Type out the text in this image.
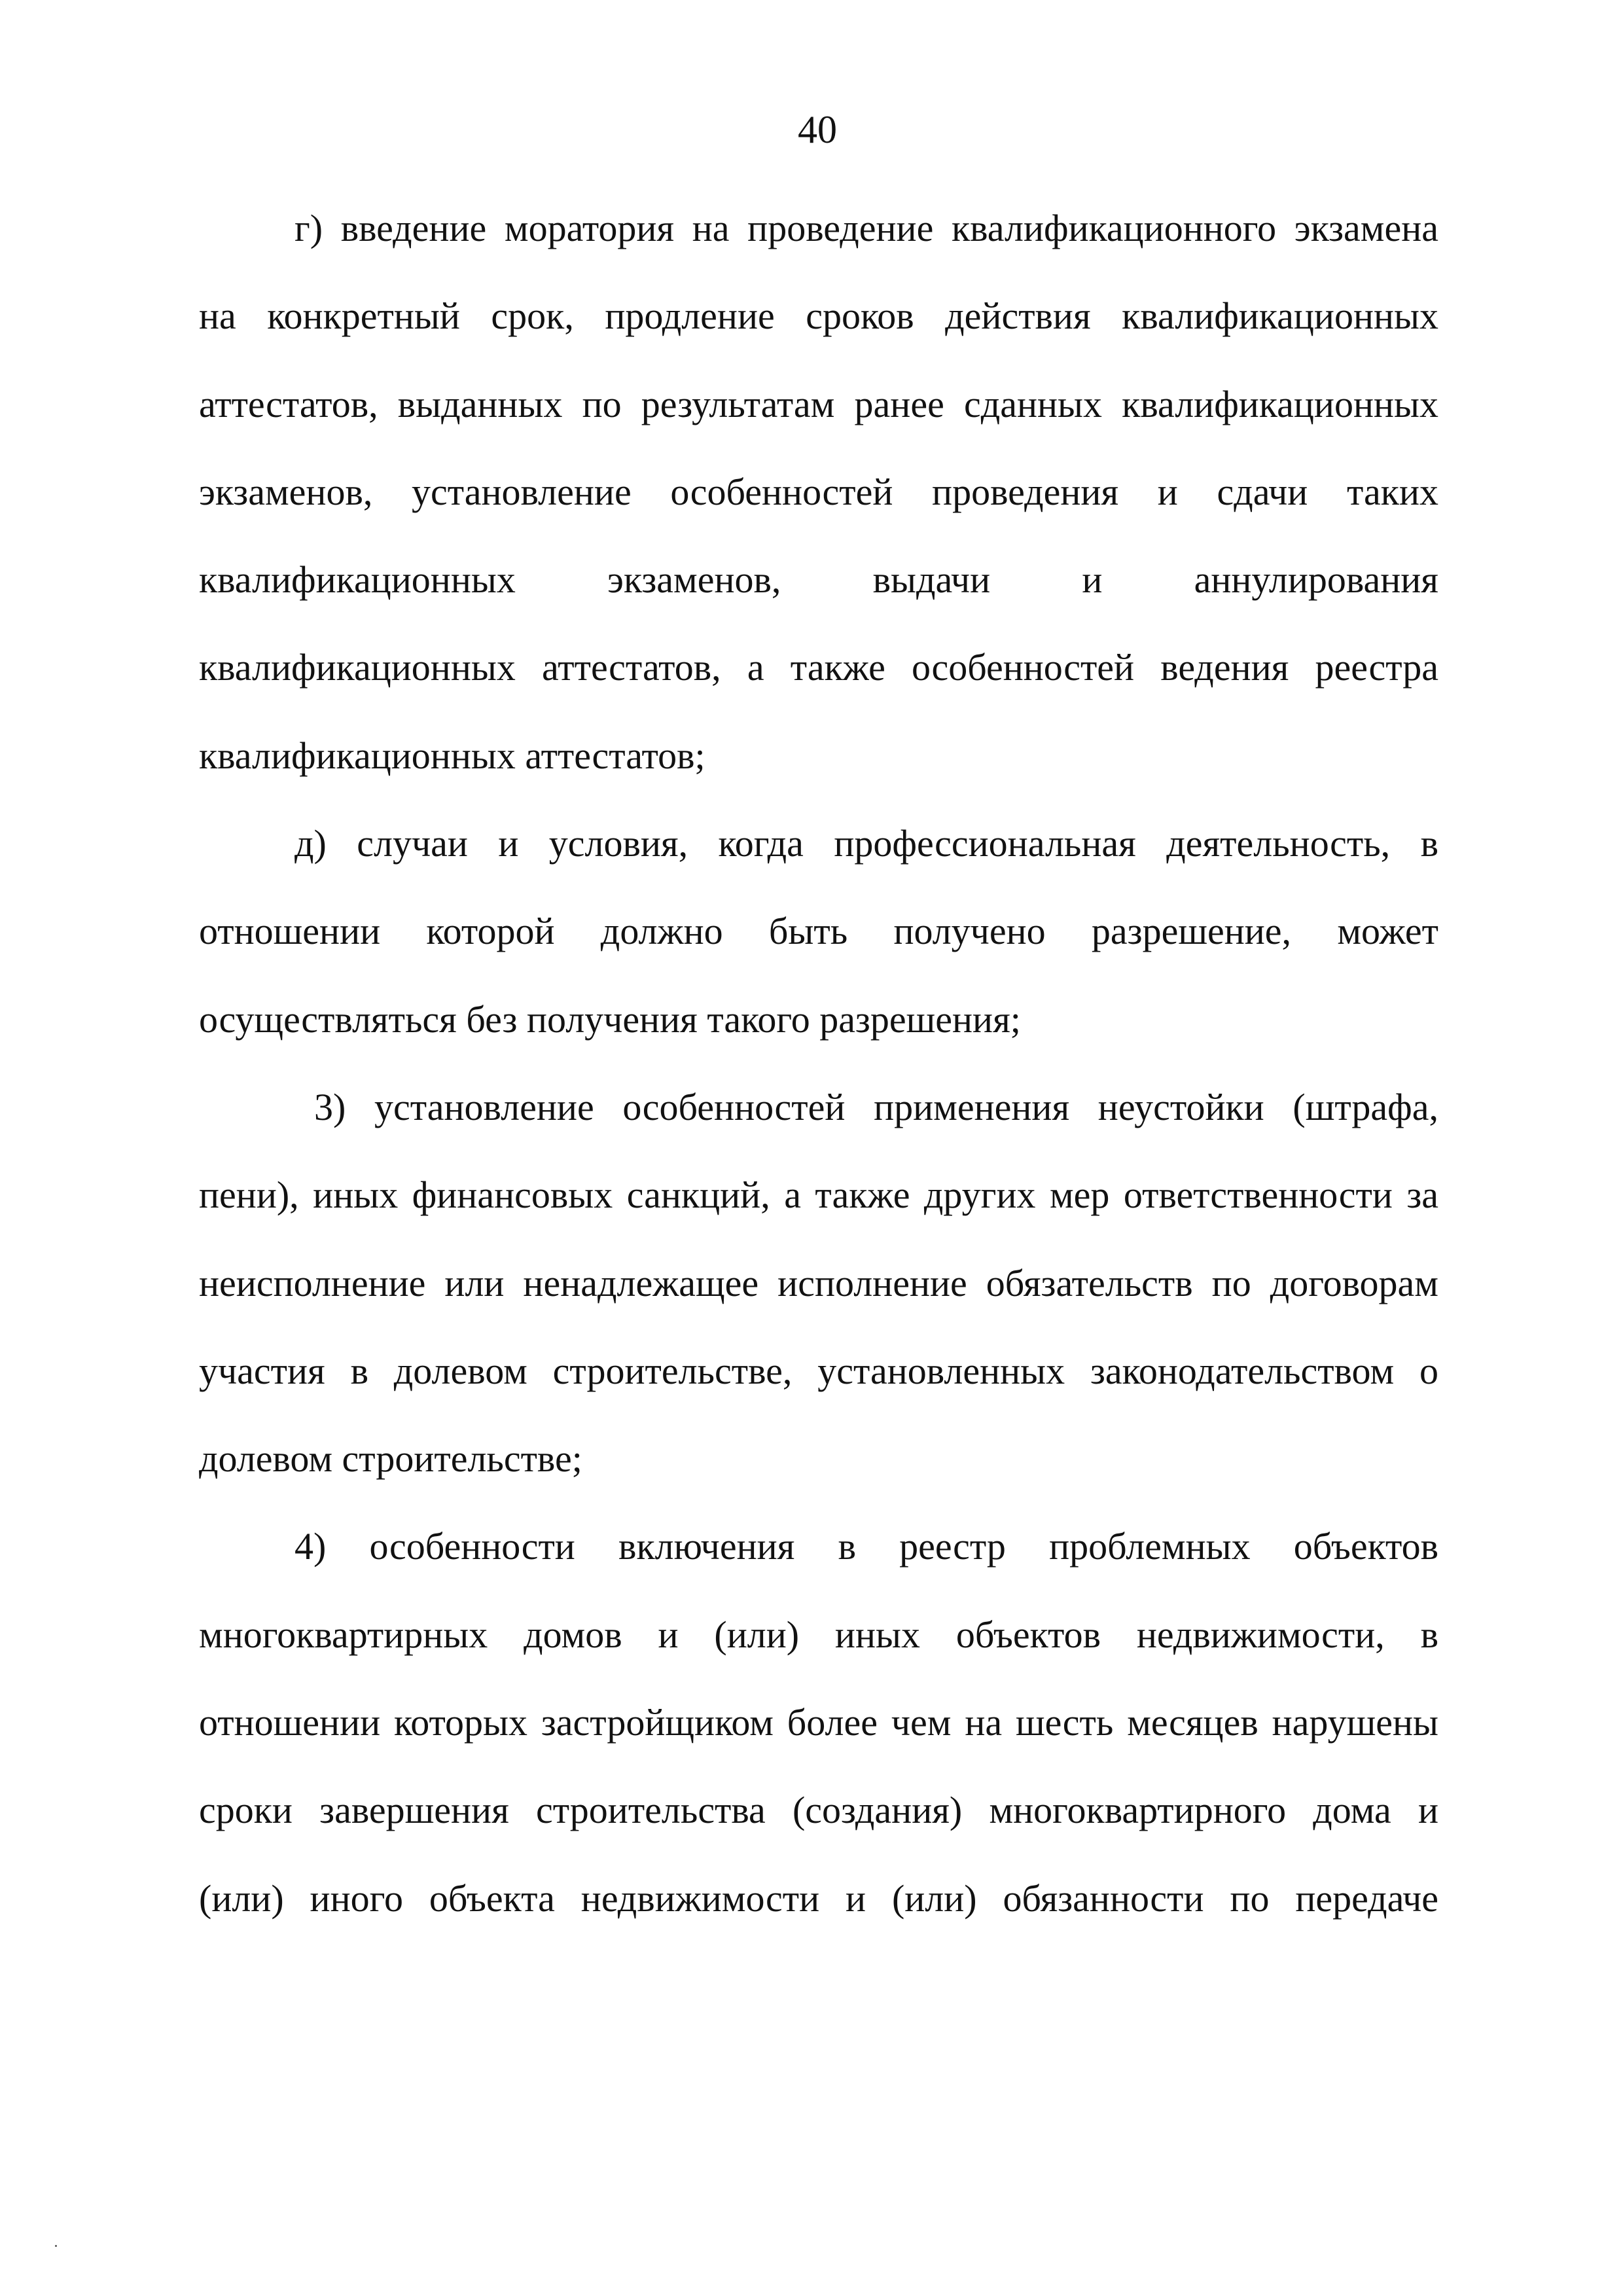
40
г) введение моратория на проведение квалификационного экзамена
на конкретный срок, продление сроков действия квалификационных
аттестатов, выданных по результатам ранее сданных квалификационных
экзаменов, установление особенностей проведения и сдачи таких
квалификационных экзаменов, выдачи и аннулирования
квалификационных аттестатов, а также особенностей ведения реестра
квалификационных аттестатов;
д) случаи и условия, когда профессиональная деятельность, в
отношении которой должно быть получено разрешение, может
осуществляться без получения такого разрешения;
3) установление особенностей применения неустойки (штрафа,
пени), иных финансовых санкций, а также других мер ответственности за
неисполнение или ненадлежащее исполнение обязательств по договорам
участия в долевом строительстве, установленных законодательством о
долевом строительстве;
4) особенности включения в реестр проблемных объектов
многоквартирных домов и (или) иных объектов недвижимости, в
отношении которых застройщиком более чем на шесть месяцев нарушены
сроки завершения строительства (создания) многоквартирного дома и
(или) иного объекта недвижимости и (или) обязанности по передаче
